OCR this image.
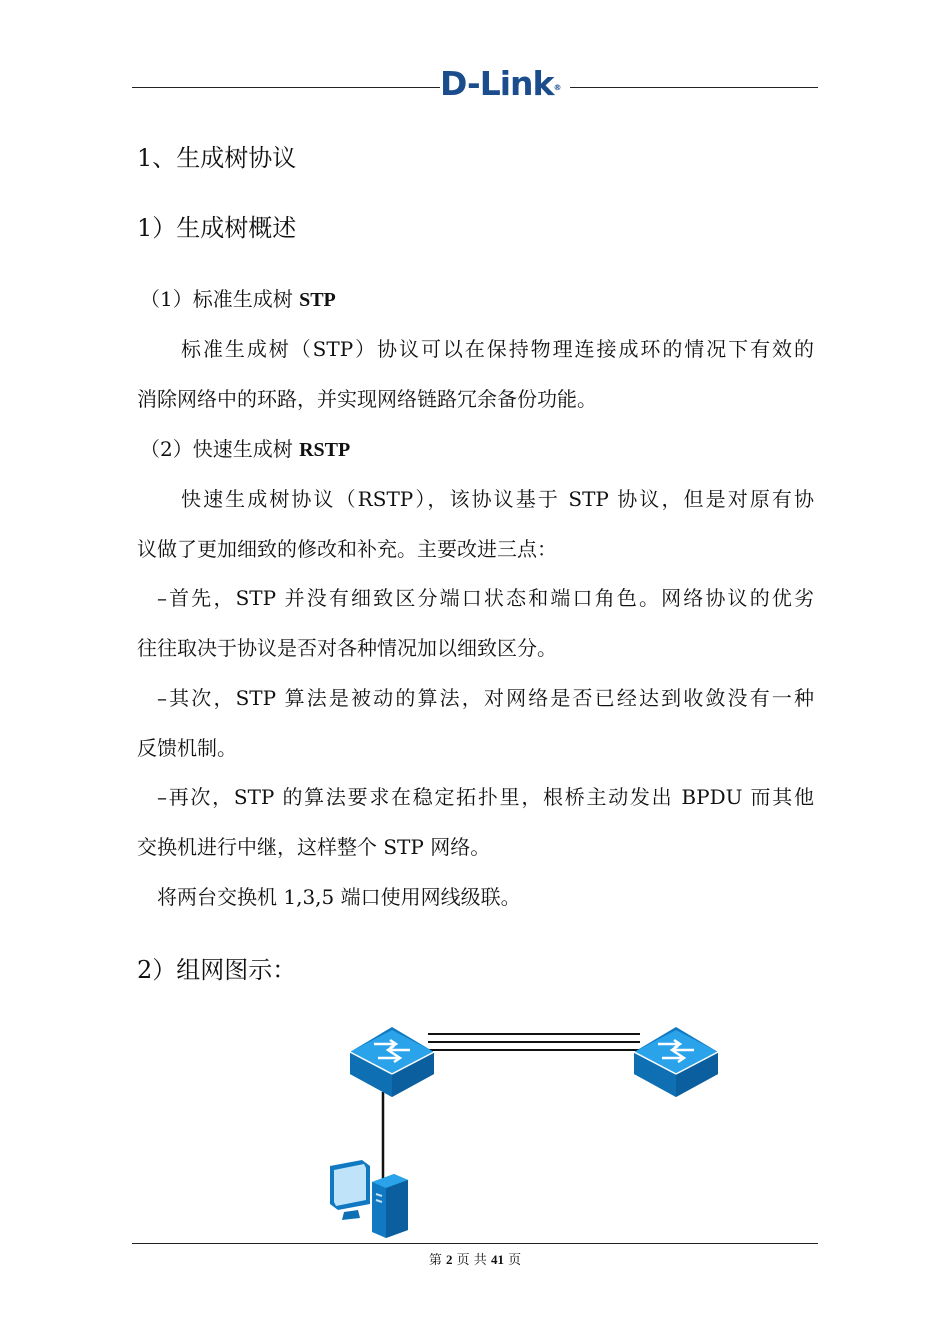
D-Link®
1、生成树协议
1）生成树概述
（1）标准生成树 STP
标准生成树（STP）协议可以在保持物理连接成环的情况下有效的
消除网络中的环路，并实现网络链路冗余备份功能。
（2）快速生成树 RSTP
快速生成树协议（RSTP），该协议基于 STP 协议，但是对原有协
议做了更加细致的修改和补充。主要改进三点：
–首先，STP 并没有细致区分端口状态和端口角色。网络协议的优劣
往往取决于协议是否对各种情况加以细致区分。
–其次，STP 算法是被动的算法，对网络是否已经达到收敛没有一种
反馈机制。
–再次，STP 的算法要求在稳定拓扑里，根桥主动发出 BPDU 而其他
交换机进行中继，这样整个 STP 网络。
将两台交换机 1,3,5 端口使用网线级联。
2）组网图示：
第 2 页 共 41 页
